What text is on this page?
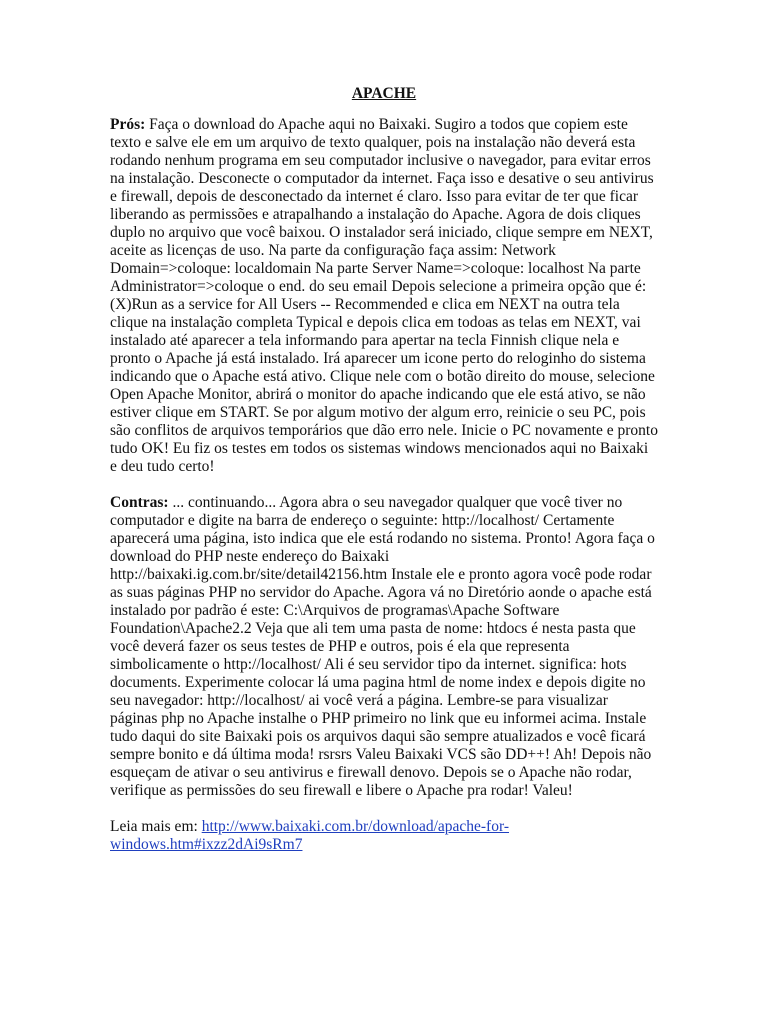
APACHE

Prós: Faça o download do Apache aqui no Baixaki. Sugiro a todos que copiem este texto e salve ele em um arquivo de texto qualquer, pois na instalação não deverá esta rodando nenhum programa em seu computador inclusive o navegador, para evitar erros na instalação. Desconecte o computador da internet. Faça isso e desative o seu antivirus e firewall, depois de desconectado da internet é claro. Isso para evitar de ter que ficar liberando as permissões e atrapalhando a instalação do Apache. Agora de dois cliques duplo no arquivo que você baixou. O instalador será iniciado, clique sempre em NEXT, aceite as licenças de uso. Na parte da configuração faça assim: Network Domain=>coloque: localdomain Na parte Server Name=>coloque: localhost Na parte Administrator=>coloque o end. do seu email Depois selecione a primeira opção que é: (X)Run as a service for All Users -- Recommended e clica em NEXT na outra tela clique na instalação completa Typical e depois clica em todoas as telas em NEXT, vai instalado até aparecer a tela informando para apertar na tecla Finnish clique nela e pronto o Apache já está instalado. Irá aparecer um icone perto do reloginho do sistema indicando que o Apache está ativo. Clique nele com o botão direito do mouse, selecione Open Apache Monitor, abrirá o monitor do apache indicando que ele está ativo, se não estiver clique em START. Se por algum motivo der algum erro, reinicie o seu PC, pois são conflitos de arquivos temporários que dão erro nele. Inicie o PC novamente e pronto tudo OK! Eu fiz os testes em todos os sistemas windows mencionados aqui no Baixaki e deu tudo certo!

Contras: ... continuando... Agora abra o seu navegador qualquer que você tiver no computador e digite na barra de endereço o seguinte: http://localhost/ Certamente aparecerá uma página, isto indica que ele está rodando no sistema. Pronto! Agora faça o download do PHP neste endereço do Baixaki http://baixaki.ig.com.br/site/detail42156.htm Instale ele e pronto agora você pode rodar as suas páginas PHP no servidor do Apache. Agora vá no Diretório aonde o apache está instalado por padrão é este: C:\Arquivos de programas\Apache Software Foundation\Apache2.2 Veja que ali tem uma pasta de nome: htdocs é nesta pasta que você deverá fazer os seus testes de PHP e outros, pois é ela que representa simbolicamente o http://localhost/ Ali é seu servidor tipo da internet. significa: hots documents. Experimente colocar lá uma pagina html de nome index e depois digite no seu navegador: http://localhost/ ai você verá a página. Lembre-se para visualizar páginas php no Apache instalhe o PHP primeiro no link que eu informei acima. Instale tudo daqui do site Baixaki pois os arquivos daqui são sempre atualizados e você ficará sempre bonito e dá última moda! rsrsrs Valeu Baixaki VCS são DD++! Ah! Depois não esqueçam de ativar o seu antivirus e firewall denovo. Depois se o Apache não rodar, verifique as permissões do seu firewall e libere o Apache pra rodar! Valeu!

Leia mais em: http://www.baixaki.com.br/download/apache-for-windows.htm#ixzz2dAi9sRm7
